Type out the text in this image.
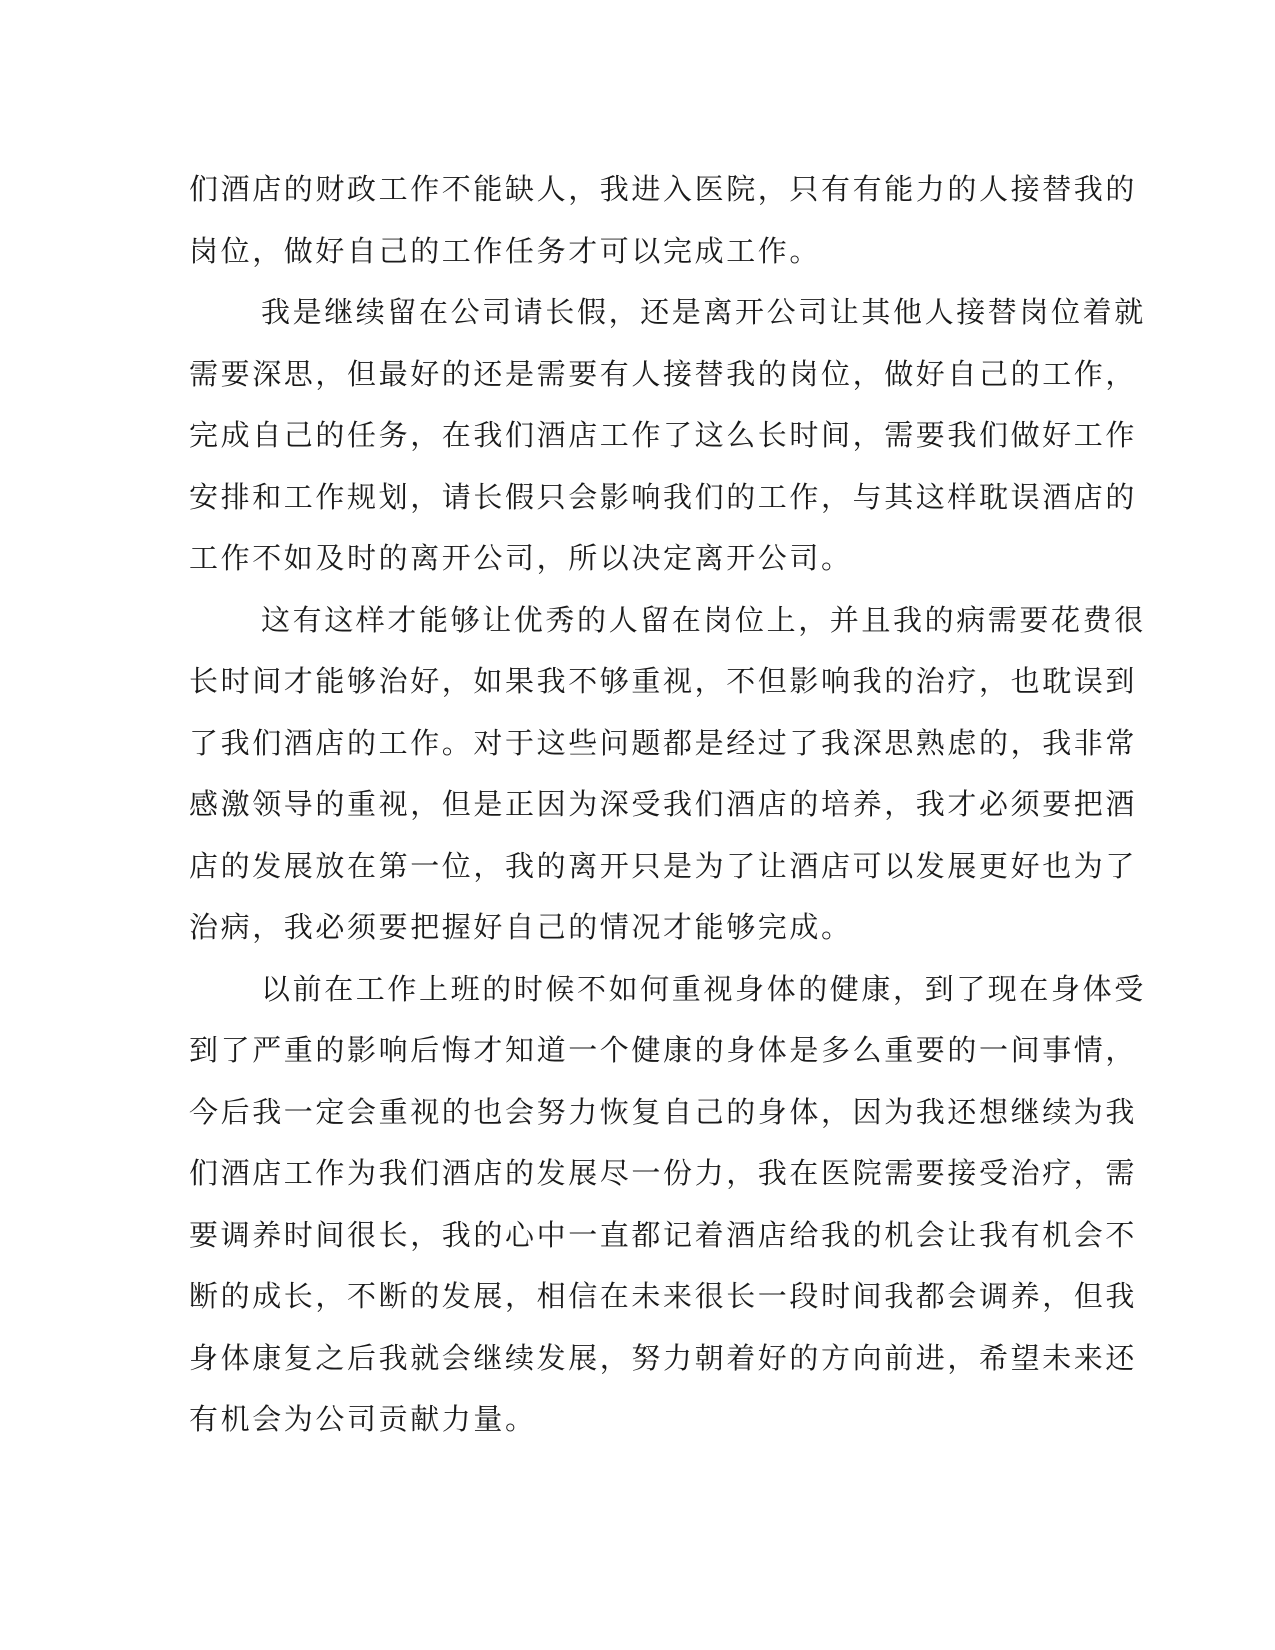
们酒店的财政工作不能缺人，我进入医院，只有有能力的人接替我的
岗位，做好自己的工作任务才可以完成工作。
我是继续留在公司请长假，还是离开公司让其他人接替岗位着就
需要深思，但最好的还是需要有人接替我的岗位，做好自己的工作，
完成自己的任务，在我们酒店工作了这么长时间，需要我们做好工作
安排和工作规划，请长假只会影响我们的工作，与其这样耽误酒店的
工作不如及时的离开公司，所以决定离开公司。
这有这样才能够让优秀的人留在岗位上，并且我的病需要花费很
长时间才能够治好，如果我不够重视，不但影响我的治疗，也耽误到
了我们酒店的工作。对于这些问题都是经过了我深思熟虑的，我非常
感激领导的重视，但是正因为深受我们酒店的培养，我才必须要把酒
店的发展放在第一位，我的离开只是为了让酒店可以发展更好也为了
治病，我必须要把握好自己的情况才能够完成。
以前在工作上班的时候不如何重视身体的健康，到了现在身体受
到了严重的影响后悔才知道一个健康的身体是多么重要的一间事情，
今后我一定会重视的也会努力恢复自己的身体，因为我还想继续为我
们酒店工作为我们酒店的发展尽一份力，我在医院需要接受治疗，需
要调养时间很长，我的心中一直都记着酒店给我的机会让我有机会不
断的成长，不断的发展，相信在未来很长一段时间我都会调养，但我
身体康复之后我就会继续发展，努力朝着好的方向前进，希望未来还
有机会为公司贡献力量。
